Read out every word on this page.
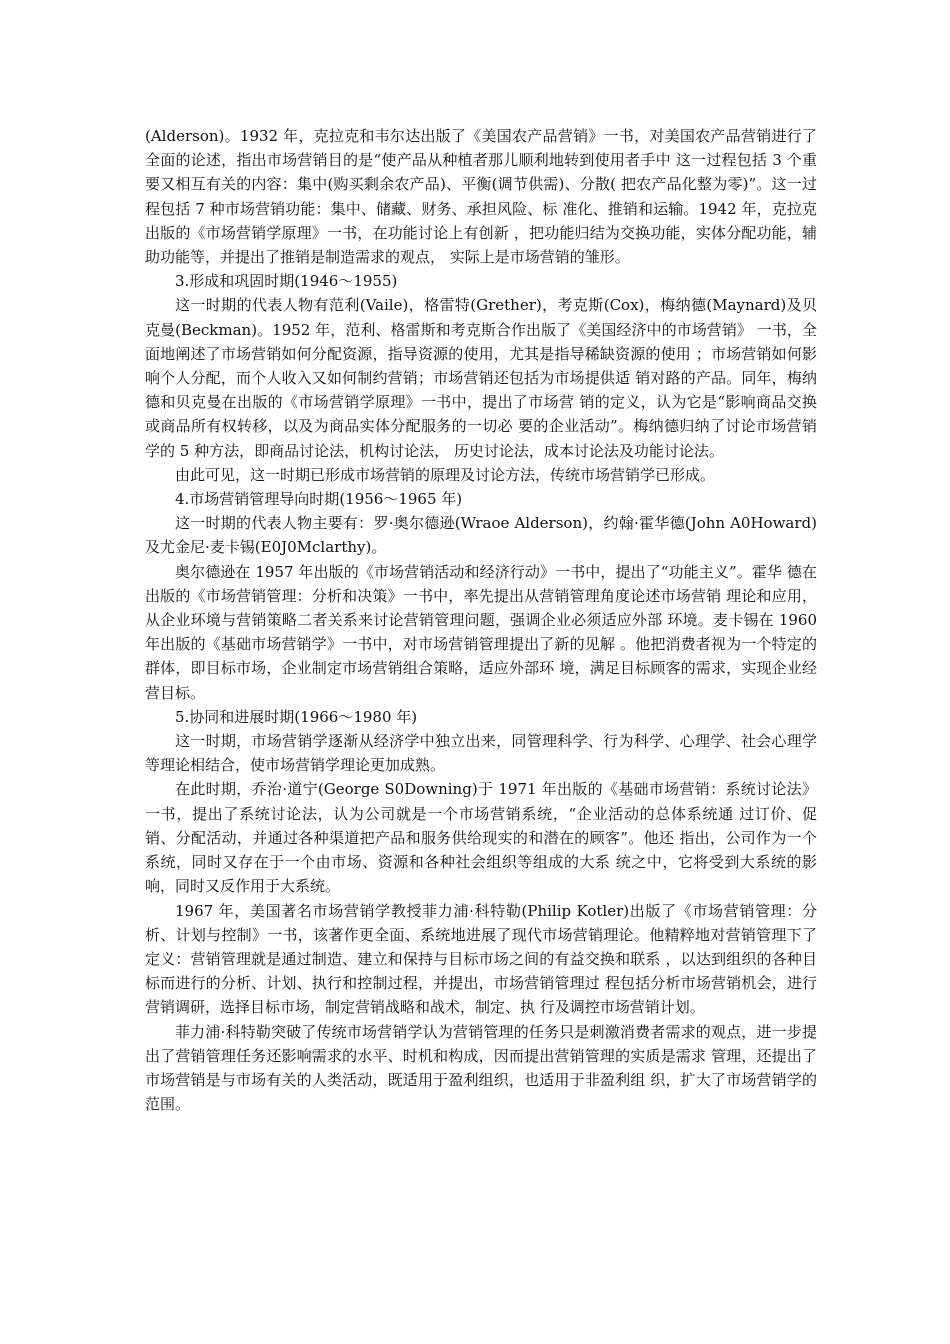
(Alderson)。1932 年，克拉克和韦尔达出版了《美国农产品营销》一书，对美国农产品营销进行了全面的论述，指出市场营销目的是“使产品从种植者那儿顺利地转到使用者手中 这一过程包括 3 个重要又相互有关的内容：集中(购买剩余农产品)、平衡(调节供需)、分散( 把农产品化整为零)”。这一过程包括 7 种市场营销功能：集中、储藏、财务、承担风险、标 准化、推销和运输。1942 年，克拉克出版的《市场营销学原理》一书，在功能讨论上有创新 ，把功能归结为交换功能，实体分配功能，辅助功能等，并提出了推销是制造需求的观点， 实际上是市场营销的雏形。

3.形成和巩固时期(1946～1955)

这一时期的代表人物有范利(Vaile)，格雷特(Grether)，考克斯(Cox)，梅纳德(Maynard)及贝克曼(Beckman)。1952 年，范利、格雷斯和考克斯合作出版了《美国经济中的市场营销》 一书，全面地阐述了市场营销如何分配资源，指导资源的使用，尤其是指导稀缺资源的使用 ；市场营销如何影响个人分配，而个人收入又如何制约营销；市场营销还包括为市场提供适 销对路的产品。同年，梅纳德和贝克曼在出版的《市场营销学原理》一书中，提出了市场营 销的定义，认为它是“影响商品交换或商品所有权转移，以及为商品实体分配服务的一切必 要的企业活动”。梅纳德归纳了讨论市场营销学的 5 种方法，即商品讨论法，机构讨论法， 历史讨论法，成本讨论法及功能讨论法。

由此可见，这一时期已形成市场营销的原理及讨论方法，传统市场营销学已形成。

4.市场营销管理导向时期(1956～1965 年)

这一时期的代表人物主要有：罗·奥尔德逊(Wraoe Alderson)，约翰·霍华德(John A0Howard)及尤金尼·麦卡锡(E0J0Mclarthy)。

奥尔德逊在 1957 年出版的《市场营销活动和经济行动》一书中，提出了“功能主义”。霍华 德在出版的《市场营销管理：分析和决策》一书中，率先提出从营销管理角度论述市场营销 理论和应用，从企业环境与营销策略二者关系来讨论营销管理问题，强调企业必须适应外部 环境。麦卡锡在 1960 年出版的《基础市场营销学》一书中，对市场营销管理提出了新的见解 。他把消费者视为一个特定的群体，即目标市场，企业制定市场营销组合策略，适应外部环 境，满足目标顾客的需求，实现企业经营目标。

5.协同和进展时期(1966～1980 年)

这一时期，市场营销学逐渐从经济学中独立出来，同管理科学、行为科学、心理学、社会心理学等理论相结合，使市场营销学理论更加成熟。

在此时期，乔治·道宁(George S0Downing)于 1971 年出版的《基础市场营销：系统讨论法》一书，提出了系统讨论法，认为公司就是一个市场营销系统，“企业活动的总体系统通 过订价、促销、分配活动，并通过各种渠道把产品和服务供给现实的和潜在的顾客”。他还 指出，公司作为一个系统，同时又存在于一个由市场、资源和各种社会组织等组成的大系 统之中，它将受到大系统的影响，同时又反作用于大系统。

1967 年，美国著名市场营销学教授菲力浦·科特勒(Philip Kotler)出版了《市场营销管理：分析、计划与控制》一书，该著作更全面、系统地进展了现代市场营销理论。他精粹地对营销管理下了定义：营销管理就是通过制造、建立和保持与目标市场之间的有益交换和联系 ，以达到组织的各种目标而进行的分析、计划、执行和控制过程，并提出，市场营销管理过 程包括分析市场营销机会，进行营销调研，选择目标市场，制定营销战略和战术，制定、执 行及调控市场营销计划。

菲力浦·科特勒突破了传统市场营销学认为营销管理的任务只是刺激消费者需求的观点，进一步提出了营销管理任务还影响需求的水平、时机和构成，因而提出营销管理的实质是需求 管理，还提出了市场营销是与市场有关的人类活动，既适用于盈利组织，也适用于非盈利组 织，扩大了市场营销学的范围。
